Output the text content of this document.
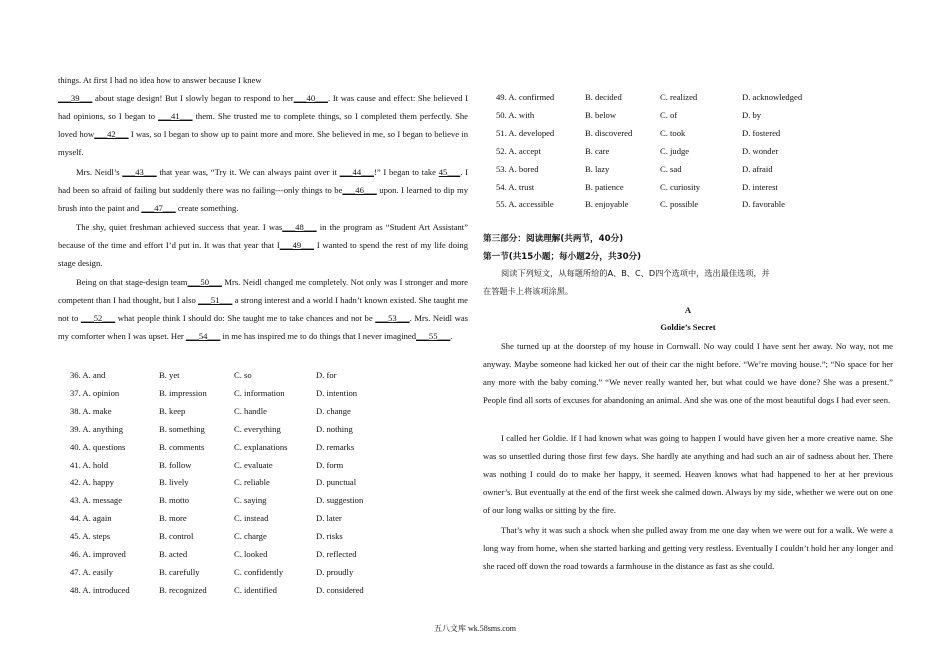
things. At first I had no idea how to answer because I knew
___39___ about stage design! But I slowly began to respond to her___40___. It was cause and effect: She believed I had opinions, so I began to ___41___ them. She trusted me to complete things, so I completed them perfectly. She loved how___42___ I was, so I began to show up to paint more and more. She believed in me, so I began to believe in myself.

Mrs. Neidl’s ___43___ that year was, “Try it. We can always paint over it ___44___!” I began to take 45___. I had been so afraid of failing but suddenly there was no failing---only things to be___46___ upon. I learned to dip my brush into the paint and ___47___ create something.

The shy, quiet freshman achieved success that year. I was___48___ in the program as “Student Art Assistant” because of the time and effort I’d put in. It was that year that I___49___ I wanted to spend the rest of my life doing stage design.

Being on that stage-design team___50___ Mrs. Neidl changed me completely. Not only was I stronger and more competent than I had thought, but I also ___51___ a strong interest and a world I hadn’t known existed. She taught me not to ___52___ what people think I should do: She taught me to take chances and not be ___53___. Mrs. Neidl was my comforter when I was upset. Her ___54___ in me has inspired me to do things that I never imagined___55___.

36. A. and	B. yet	C. so	D. for
37. A. opinion	B. impression	C. information	D. intention
38. A. make	B. keep	C. handle	D. change
39. A. anything	B. something	C. everything	D. nothing
40. A. questions	B. comments	C. explanations	D. remarks
41. A. hold	B. follow	C. evaluate	D. form
42. A. happy	B. lively	C. reliable	D. punctual
43. A. message	B. motto	C. saying	D. suggestion
44. A. again	B. more	C. instead	D. later
45. A. steps	B. control	C. charge	D. risks
46. A. improved	B. acted	C. looked	D. reflected
47. A. easily	B. carefully	C. confidently	D. proudly
48. A. introduced	B. recognized	C. identified	D. considered
49. A. confirmed	B. decided	C. realized	D. acknowledged
50. A. with	B. below	C. of	D. by
51. A. developed	B. discovered	C. took	D. fostered
52. A. accept	B. care	C. judge	D. wonder
53. A. bored	B. lazy	C. sad	D. afraid
54. A. trust	B. patience	C. curiosity	D. interest
55. A. accessible	B. enjoyable	C. possible	D. favorable
第三部分：阅读理解(共两节，40分)
第一节(共15小题；每小题2分，共30分)
阅读下列短文，从每题所给的A、B、C、D四个选项中，选出最佳选项，并
在答题卡上将该项涂黑。
A
Goldie’s Secret

She turned up at the doorstep of my house in Cornwall. No way could I have sent her away. No way, not me anyway. Maybe someone had kicked her out of their car the night before. “We’re moving house.”; “No space for her any more with the baby coming.” “We never really wanted her, but what could we have done? She was a present.” People find all sorts of excuses for abandoning an animal. And she was one of the most beautiful dogs I had ever seen.

I called her Goldie. If I had known what was going to happen I would have given her a more creative name. She was so unsettled during those first few days. She hardly ate anything and had such an air of sadness about her. There was nothing I could do to make her happy, it seemed. Heaven knows what had happened to her at her previous owner’s. But eventually at the end of the first week she calmed down. Always by my side, whether we were out on one of our long walks or sitting by the fire.

That’s why it was such a shock when she pulled away from me one day when we were out for a walk. We were a long way from home, when she started barking and getting very restless. Eventually I couldn’t hold her any longer and she raced off down the road towards a farmhouse in the distance as fast as she could.

五八文库 wk.58sms.com
